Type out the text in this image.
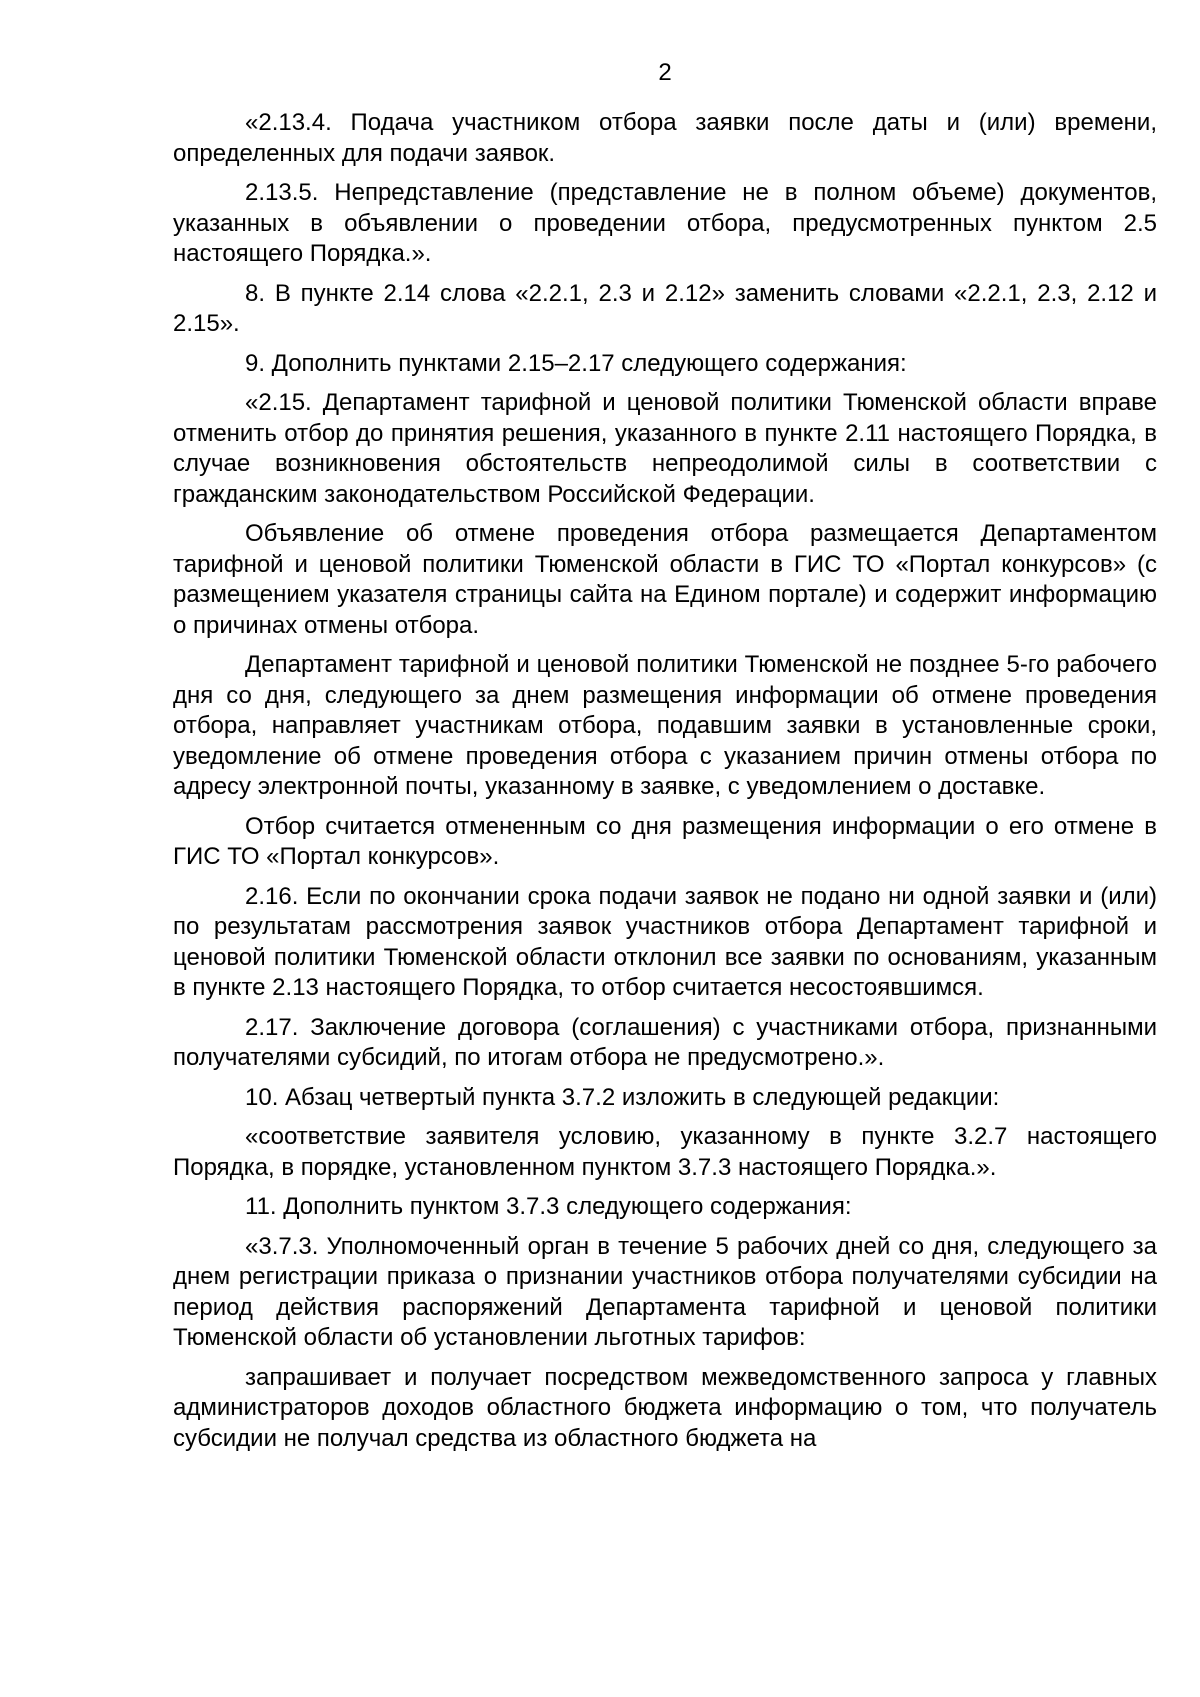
2

«2.13.4. Подача участником отбора заявки после даты и (или) времени, определенных для подачи заявок.

2.13.5. Непредставление (представление не в полном объеме) документов, указанных в объявлении о проведении отбора, предусмотренных пунктом 2.5 настоящего Порядка.».

8. В пункте 2.14 слова «2.2.1, 2.3 и 2.12» заменить словами «2.2.1, 2.3, 2.12 и 2.15».

9. Дополнить пунктами 2.15–2.17 следующего содержания:

«2.15. Департамент тарифной и ценовой политики Тюменской области вправе отменить отбор до принятия решения, указанного в пункте 2.11 настоящего Порядка, в случае возникновения обстоятельств непреодолимой силы в соответствии с гражданским законодательством Российской Федерации.

Объявление об отмене проведения отбора размещается Департаментом тарифной и ценовой политики Тюменской области в ГИС ТО «Портал конкурсов» (с размещением указателя страницы сайта на Едином портале) и содержит информацию о причинах отмены отбора.

Департамент тарифной и ценовой политики Тюменской не позднее 5-го рабочего дня со дня, следующего за днем размещения информации об отмене проведения отбора, направляет участникам отбора, подавшим заявки в установленные сроки, уведомление об отмене проведения отбора с указанием причин отмены отбора по адресу электронной почты, указанному в заявке, с уведомлением о доставке.

Отбор считается отмененным со дня размещения информации о его отмене в ГИС ТО «Портал конкурсов».

2.16. Если по окончании срока подачи заявок не подано ни одной заявки и (или) по результатам рассмотрения заявок участников отбора Департамент тарифной и ценовой политики Тюменской области отклонил все заявки по основаниям, указанным в пункте 2.13 настоящего Порядка, то отбор считается несостоявшимся.

2.17. Заключение договора (соглашения) с участниками отбора, признанными получателями субсидий, по итогам отбора не предусмотрено.».

10. Абзац четвертый пункта 3.7.2 изложить в следующей редакции:

«соответствие заявителя условию, указанному в пункте 3.2.7 настоящего Порядка, в порядке, установленном пунктом 3.7.3 настоящего Порядка.».

11. Дополнить пунктом 3.7.3 следующего содержания:

«3.7.3. Уполномоченный орган в течение 5 рабочих дней со дня, следующего за днем регистрации приказа о признании участников отбора получателями субсидии на период действия распоряжений Департамента тарифной и ценовой политики Тюменской области об установлении льготных тарифов:

запрашивает и получает посредством межведомственного запроса у главных администраторов доходов областного бюджета информацию о том, что получатель субсидии не получал средства из областного бюджета на
